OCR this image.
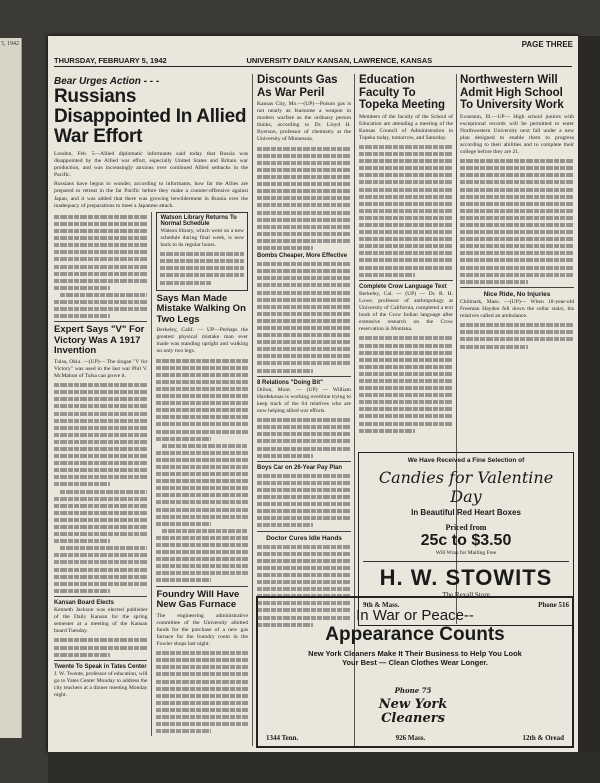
5, 1942	PAGE THREE
THURSDAY, FEBRUARY 5, 1942	UNIVERSITY DAILY KANSAN, LAWRENCE, KANSAS
Bear Urges Action - - -
Russians Disappointed In Allied War Effort
London, Feb. 5—Allied diplomatic informants said today that Russia was disappointed by the Allied war effort, especially United States and Britain war production, and was increasingly anxious over continued Allied setbacks in the Pacific.
Russians have begun to wonder, according to informants, how far the Allies are prepared to retreat in the far Pacific before they make a counter-offensive against Japan, and it was added that there was growing bewilderment in Russia over the inadequacy of preparations to meet a Japanese attack.
Expert Says "V" For Victory Was A 1917 Invention
Tulsa, Okla. —(UP)— The slogan "V for Victory" was used in the last war Phil V. McMahon of Tulsa can prove it.
Kansan Board Elects
Kenneth Jackson was elected publisher of the Daily Kansan for the spring semester at a meeting of the Kansan board Tuesday.
Twente To Speak in Tates Center
J. W. Twente, professor of education, will go to Yates Center Monday to address the city teachers at a dinner meeting Monday night.
Watson Library Returns To Normal Schedule
Watson library, which went on a new schedule during final week, is now back to its regular hours.
Says Man Made Mistake Walking On Two Legs
Berkeley, Calif. — UP—Perhaps the greatest physical mistake man ever made was standing upright and walking on only two legs.
Foundry Will Have New Gas Furnace
The engineering administrative committee of the University allotted funds for the purchase of a new gas furnace for the foundry room in the Fowler shops last night.
Discounts Gas As War Peril
Kansas City, Mo.—(UP)—Poison gas is not nearly as fearsome a weapon in modern warfare as the ordinary person thinks, according to Dr. Lloyd H. Byerson, professor of chemistry at the University of Minnesota.
Bombs Cheaper, More Effective
8 Relations "Doing Bit"
Dillon, Mont. — (UP) — William Hardekonas is working overtime trying to keep track of the 64 relatives who are now helping allied war efforts.
Boys Car on 26-Year Pay Plan
Doctor Cures Idle Hands
Education Faculty To Topeka Meeting
Members of the faculty of the School of Education are attending a meeting of the Kansas Council of Administration in Topeka today, tomorrow, and Saturday.
Complete Crow Language Text
Berkeley, Cal. — (UP) — Dr. R. H. Lowe, professor of anthropology at University of California, completed a text book of the Crow Indian language after extensive research on the Crow reservation in Montana.
Northwestern Will Admit High School To University Work
Evanston, Ill.—UP— High school juniors with exceptional records will be permitted to enter Northwestern University next fall under a new plan designed to enable them to progress according to their abilities and to complete their college before they are 21.
Nice Ride, No Injuries
Chilmark, Mass. —(UP)— When 18-year-old Freeman Hayden fell down the cellar stairs, his relatives called an ambulance.
We Have Received a Fine Selection of
Candies for Valentine Day
In Beautiful Red Heart Boxes
Priced from
25c to $3.50
Will Wrap for Mailing Free
H. W. STOWITS
The Rexall Store
9th & Mass.	Phone 516
In War or Peace--
Appearance Counts
New York Cleaners Make It Their Business to Help You Look
Your Best — Clean Clothes Wear Longer.
Phone 75
New York
Cleaners
1344 Tenn.	926 Mass.	12th & Oread
